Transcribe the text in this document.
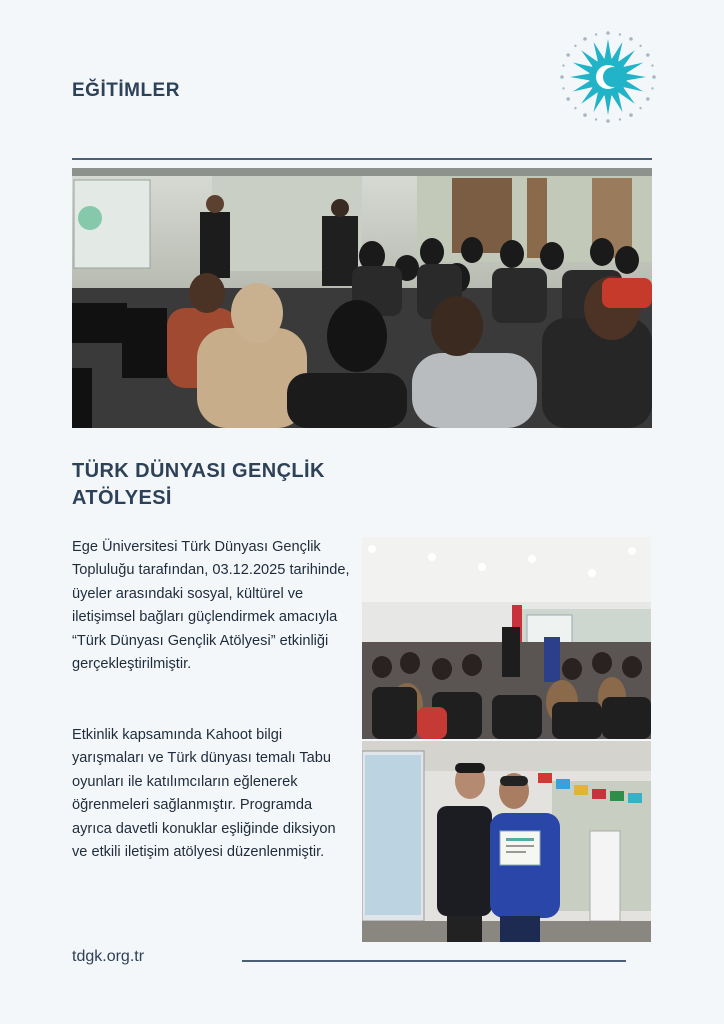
EĞİTİMLER
TÜRK DÜNYASI GENÇLİK ATÖLYESİ

Ege Üniversitesi Türk Dünyası Gençlik Topluluğu tarafından, 03.12.2025 tarihinde, üyeler arasındaki sosyal, kültürel ve iletişimsel bağları güçlendirmek amacıyla “Türk Dünyası Gençlik Atölyesi” etkinliği gerçekleştirilmiştir.

Etkinlik kapsamında Kahoot bilgi yarışmaları ve Türk dünyası temalı Tabu oyunları ile katılımcıların eğlenerek öğrenmeleri sağlanmıştır. Programda ayrıca davetli konuklar eşliğinde diksiyon ve etkili iletişim atölyesi düzenlenmiştir.

tdgk.org.tr
